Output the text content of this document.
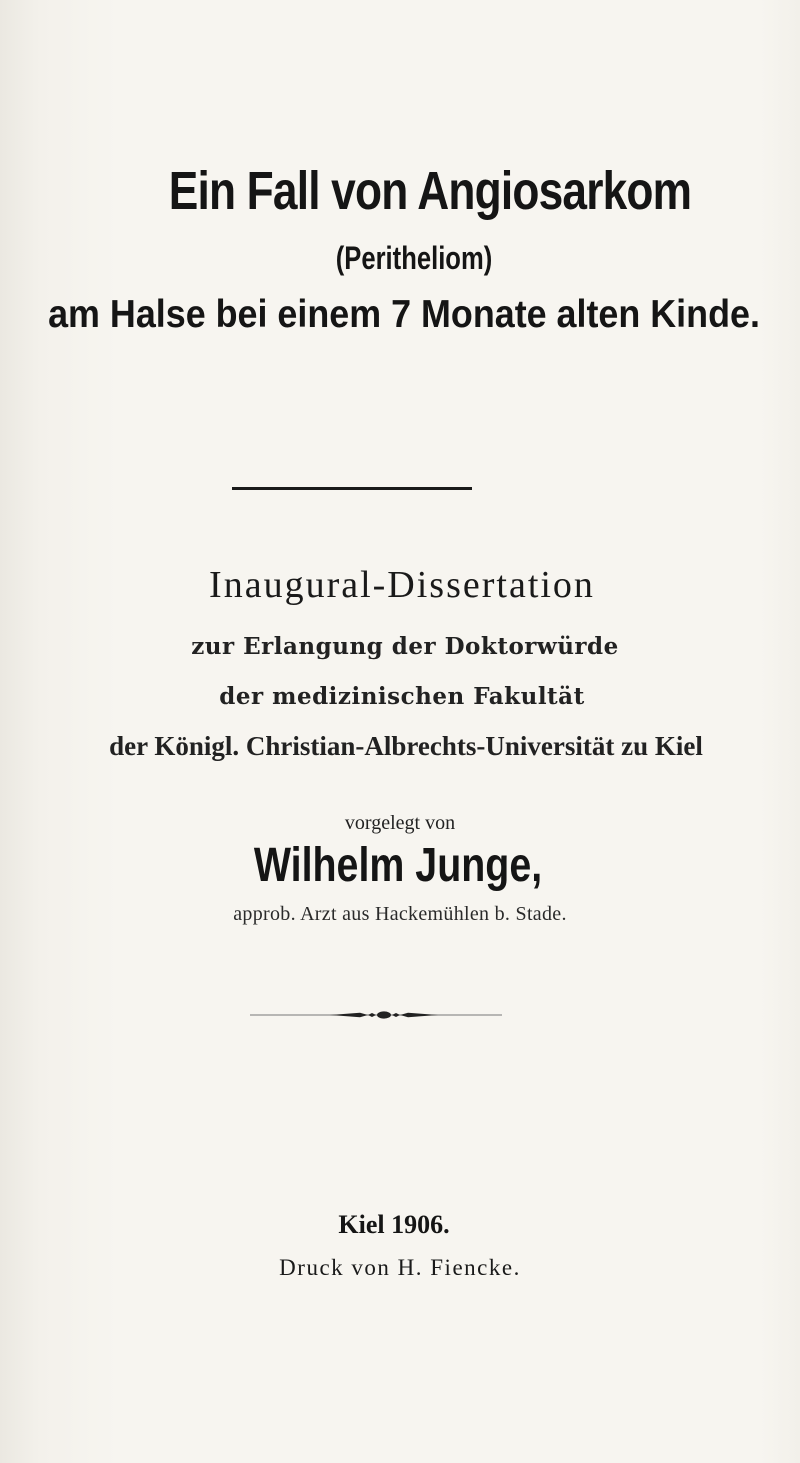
Ein Fall von Angiosarkom
(Peritheliom)
am Halse bei einem 7 Monate alten Kinde.
Inaugural-Dissertation
zur Erlangung der Doktorwürde
der medizinischen Fakultät
der Königl. Christian-Albrechts-Universität zu Kiel
vorgelegt von
Wilhelm Junge,
approb. Arzt aus Hackemühlen b. Stade.
Kiel 1906.
Druck von H. Fiencke.
